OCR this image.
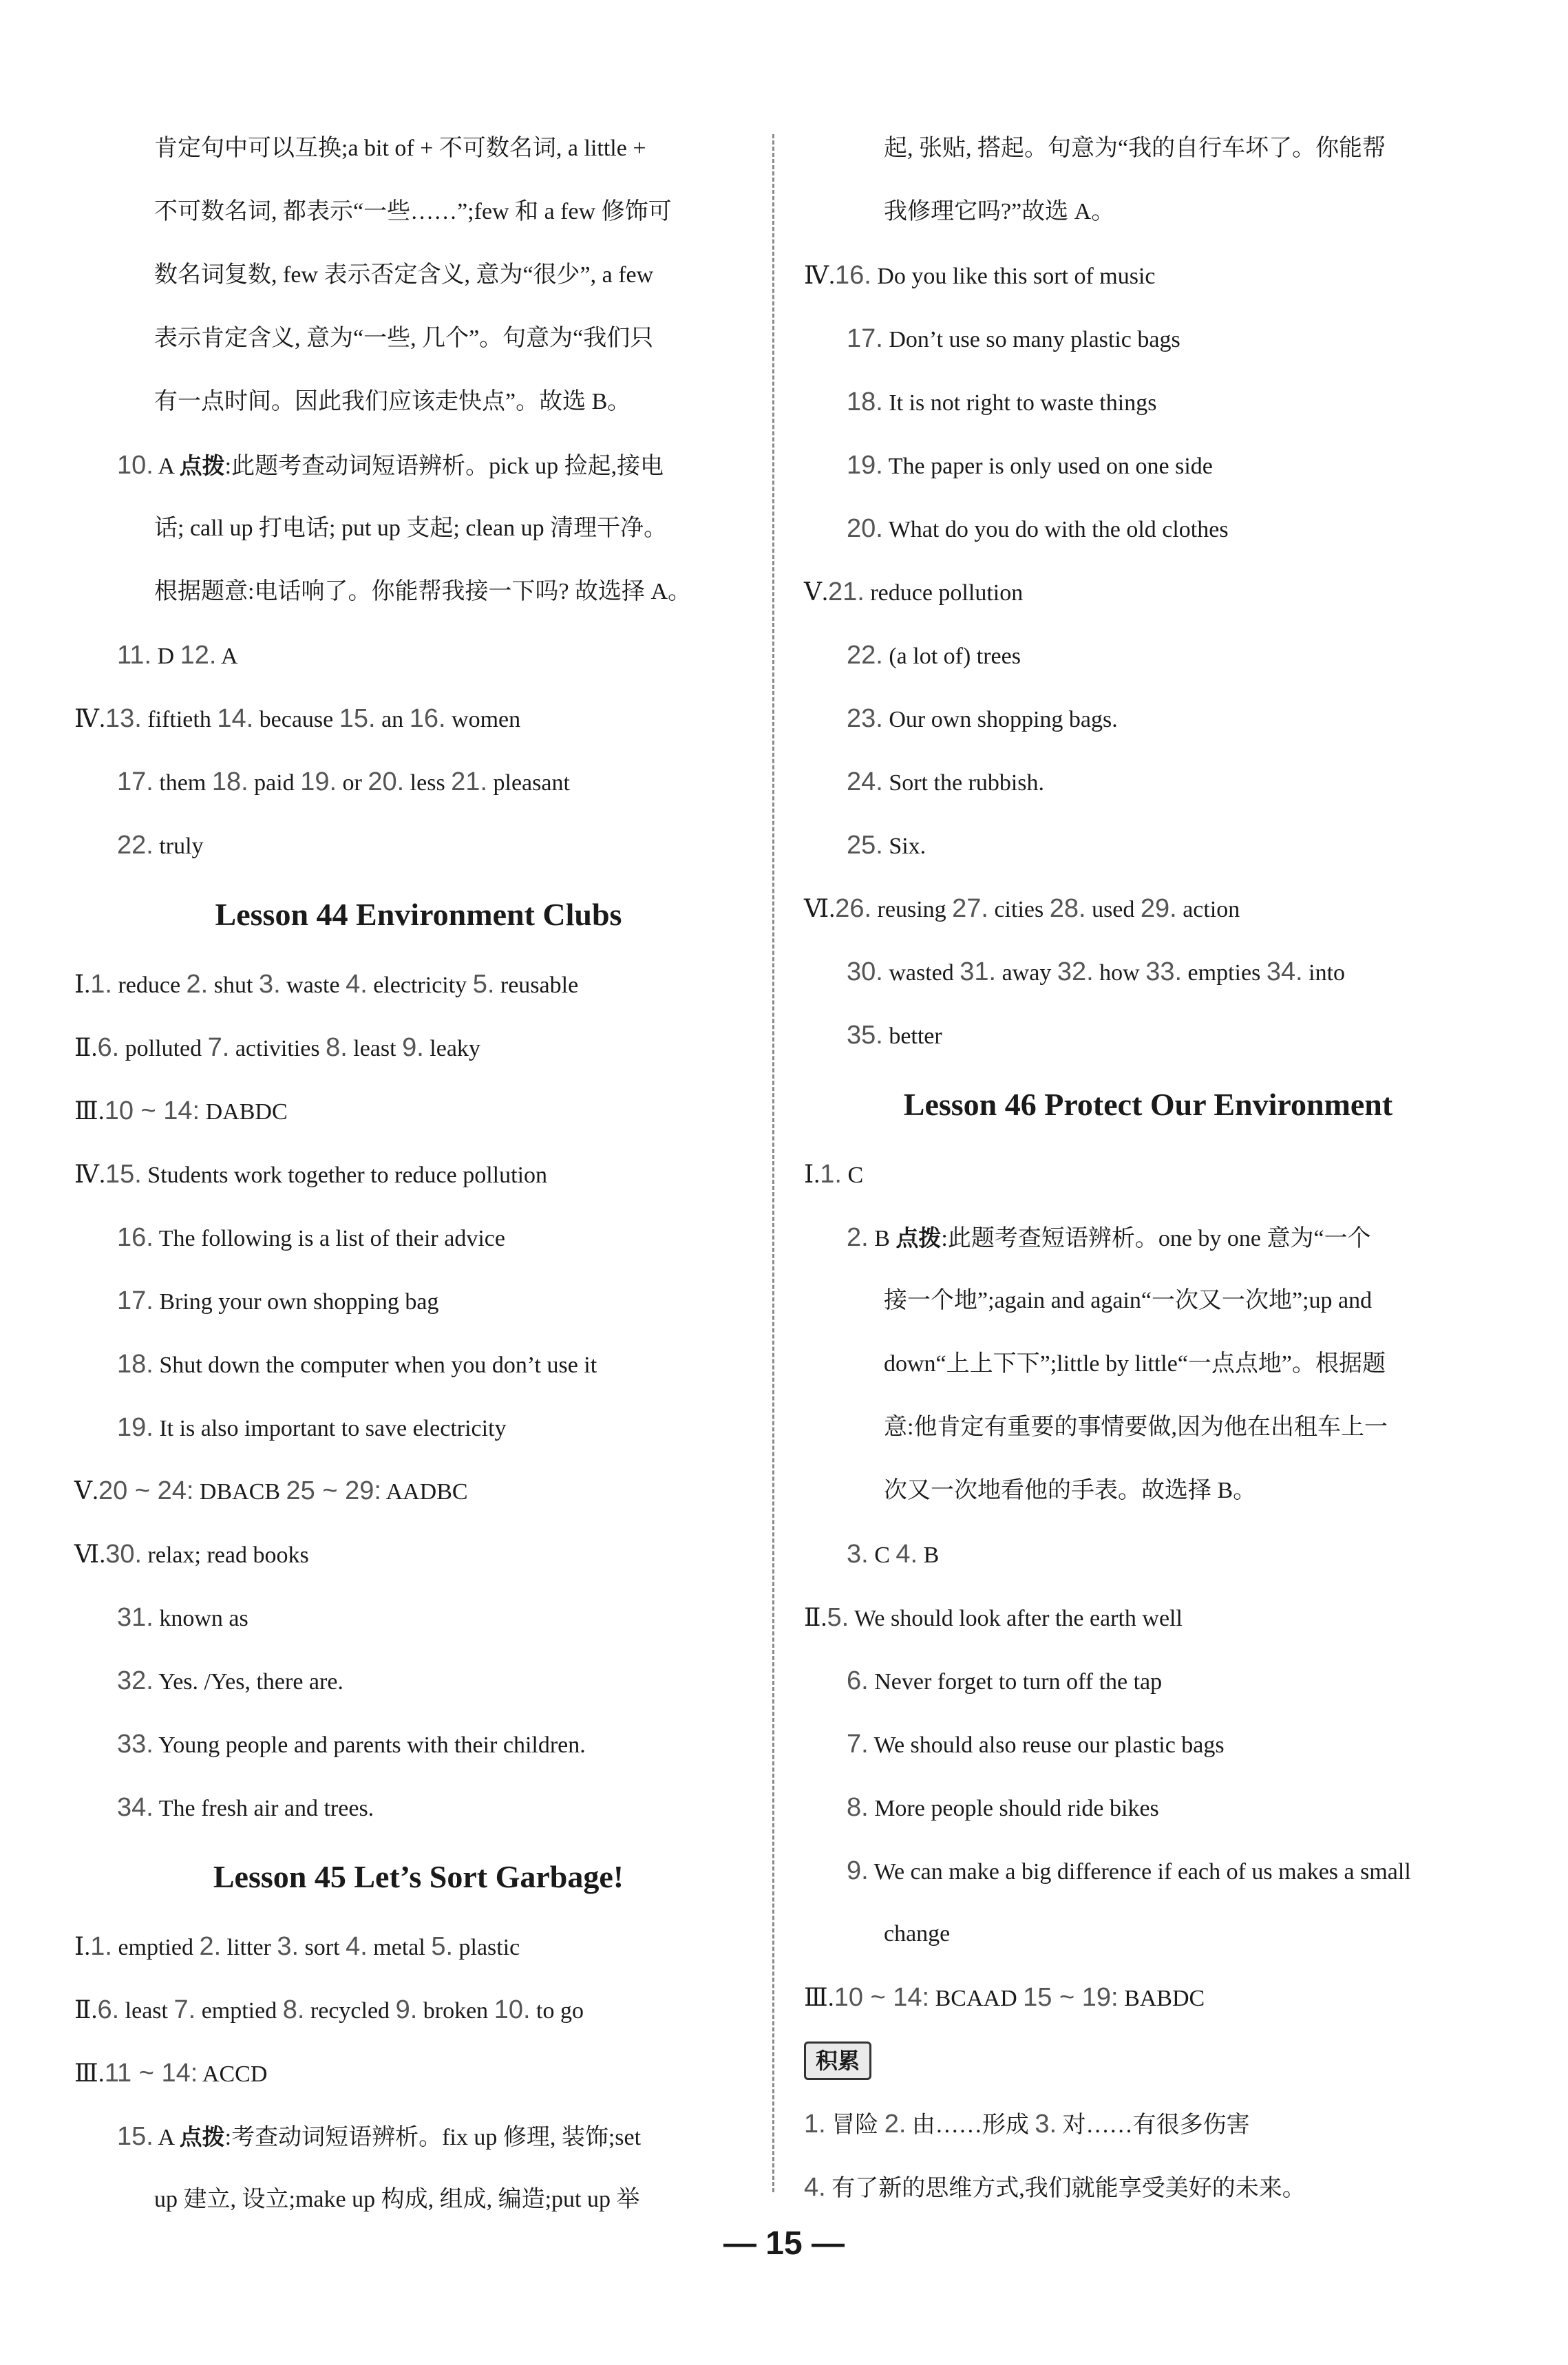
肯定句中可以互换;a bit of + 不可数名词, a little +
不可数名词, 都表示“一些……”;few 和 a few 修饰可
数名词复数, few 表示否定含义, 意为“很少”, a few
表示肯定含义, 意为“一些, 几个”。句意为“我们只
有一点时间。因此我们应该走快点”。故选 B。
10. A 点拨:此题考查动词短语辨析。pick up 捡起,接电
话; call up 打电话; put up 支起; clean up 清理干净。
根据题意:电话响了。你能帮我接一下吗? 故选择 A。
11. D 12. A
Ⅳ.13. fiftieth 14. because 15. an 16. women
17. them 18. paid 19. or 20. less 21. pleasant
22. truly
Lesson 44 Environment Clubs
Ⅰ.1. reduce 2. shut 3. waste 4. electricity 5. reusable
Ⅱ.6. polluted 7. activities 8. least 9. leaky
Ⅲ.10 ~ 14: DABDC
Ⅳ.15. Students work together to reduce pollution
16. The following is a list of their advice
17. Bring your own shopping bag
18. Shut down the computer when you don’t use it
19. It is also important to save electricity
Ⅴ.20 ~ 24: DBACB 25 ~ 29: AADBC
Ⅵ.30. relax; read books
31. known as
32. Yes. /Yes, there are.
33. Young people and parents with their children.
34. The fresh air and trees.
Lesson 45 Let’s Sort Garbage!
Ⅰ.1. emptied 2. litter 3. sort 4. metal 5. plastic
Ⅱ.6. least 7. emptied 8. recycled 9. broken 10. to go
Ⅲ.11 ~ 14: ACCD
15. A 点拨:考查动词短语辨析。fix up 修理, 装饰;set
up 建立, 设立;make up 构成, 组成, 编造;put up 举
起, 张贴, 搭起。句意为“我的自行车坏了。你能帮
我修理它吗?”故选 A。
Ⅳ.16. Do you like this sort of music
17. Don’t use so many plastic bags
18. It is not right to waste things
19. The paper is only used on one side
20. What do you do with the old clothes
Ⅴ.21. reduce pollution
22. (a lot of) trees
23. Our own shopping bags.
24. Sort the rubbish.
25. Six.
Ⅵ.26. reusing 27. cities 28. used 29. action
30. wasted 31. away 32. how 33. empties 34. into
35. better
Lesson 46 Protect Our Environment
Ⅰ.1. C
2. B 点拨:此题考查短语辨析。one by one 意为“一个
接一个地”;again and again“一次又一次地”;up and
down“上上下下”;little by little“一点点地”。根据题
意:他肯定有重要的事情要做,因为他在出租车上一
次又一次地看他的手表。故选择 B。
3. C 4. B
Ⅱ.5. We should look after the earth well
6. Never forget to turn off the tap
7. We should also reuse our plastic bags
8. More people should ride bikes
9. We can make a big difference if each of us makes a small
change
Ⅲ.10 ~ 14: BCAAD 15 ~ 19: BABDC
积累
1. 冒险 2. 由……形成 3. 对……有很多伤害
4. 有了新的思维方式,我们就能享受美好的未来。
— 15 —
